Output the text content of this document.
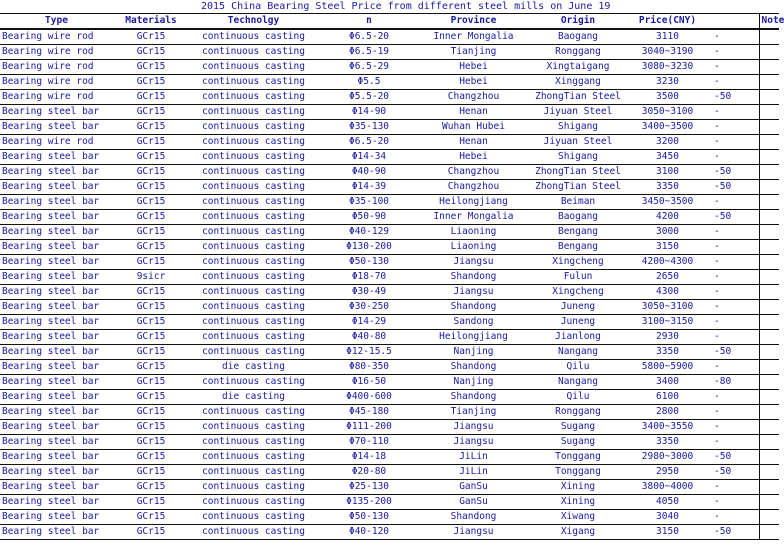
2015 China Bearing Steel Price from different steel mills on June 19
Type	Materials	Technolgy	n	Province	Origin	Price(CNY)		Note
Bearing wire rod	GCr15	continuous casting	Φ6.5-20	Inner Mongalia	Baogang	3110	-	
Bearing wire rod	GCr15	continuous casting	Φ6.5-19	Tianjing	Ronggang	3040~3190	-	
Bearing wire rod	GCr15	continuous casting	Φ6.5-29	Hebei	Xingtaigang	3080~3230	-	
Bearing wire rod	GCr15	continuous casting	Φ5.5	Hebei	Xinggang	3230	-	
Bearing wire rod	GCr15	continuous casting	Φ5.5-20	Changzhou	ZhongTian Steel	3500	-50	
Bearing steel bar	GCr15	continuous casting	Φ14-90	Henan	Jiyuan Steel	3050~3100	-	
Bearing steel bar	GCr15	continuous casting	Φ35-130	Wuhan Hubei	Shigang	3400~3500	-	
Bearing wire rod	GCr15	continuous casting	Φ6.5-20	Henan	Jiyuan Steel	3200	-	
Bearing steel bar	GCr15	continuous casting	Φ14-34	Hebei	Shigang	3450	-	
Bearing steel bar	GCr15	continuous casting	Φ40-90	Changzhou	ZhongTian Steel	3100	-50	
Bearing steel bar	GCr15	continuous casting	Φ14-39	Changzhou	ZhongTian Steel	3350	-50	
Bearing steel bar	GCr15	continuous casting	Φ35-100	Heilongjiang	Beiman	3450~3500	-	
Bearing steel bar	GCr15	continuous casting	Φ50-90	Inner Mongalia	Baogang	4200	-50	
Bearing steel bar	GCr15	continuous casting	Φ40-129	Liaoning	Bengang	3000	-	
Bearing steel bar	GCr15	continuous casting	Φ130-200	Liaoning	Bengang	3150	-	
Bearing steel bar	GCr15	continuous casting	Φ50-130	Jiangsu	Xingcheng	4200~4300	-	
Bearing steel bar	9sicr	continuous casting	Φ18-70	Shandong	Fulun	2650	-	
Bearing steel bar	GCr15	continuous casting	Φ30-49	Jiangsu	Xingcheng	4300	-	
Bearing steel bar	GCr15	continuous casting	Φ30-250	Shandong	Juneng	3050~3100	-	
Bearing steel bar	GCr15	continuous casting	Φ14-29	Sandong	Juneng	3100~3150	-	
Bearing steel bar	GCr15	continuous casting	Φ40-80	Heilongjiang	Jianlong	2930	-	
Bearing steel bar	GCr15	continuous casting	Φ12-15.5	Nanjing	Nangang	3350	-50	
Bearing steel bar	GCr15	die casting	Φ80-350	Shandong	Qilu	5800~5900	-	
Bearing steel bar	GCr15	continuous casting	Φ16-50	Nanjing	Nangang	3400	-80	
Bearing steel bar	GCr15	die casting	Φ400-600	Shandong	Qilu	6100	-	
Bearing steel bar	GCr15	continuous casting	Φ45-180	Tianjing	Ronggang	2800	-	
Bearing steel bar	GCr15	continuous casting	Φ111-200	Jiangsu	Sugang	3400~3550	-	
Bearing steel bar	GCr15	continuous casting	Φ70-110	Jiangsu	Sugang	3350	-	
Bearing steel bar	GCr15	continuous casting	Φ14-18	JiLin	Tonggang	2980~3000	-50	
Bearing steel bar	GCr15	continuous casting	Φ20-80	JiLin	Tonggang	2950	-50	
Bearing steel bar	GCr15	continuous casting	Φ25-130	GanSu	Xining	3800~4000	-	
Bearing steel bar	GCr15	continuous casting	Φ135-200	GanSu	Xining	4050	-	
Bearing steel bar	GCr15	continuous casting	Φ50-130	Shandong	Xiwang	3040	-	
Bearing steel bar	GCr15	continuous casting	Φ40-120	Jiangsu	Xigang	3150	-50	
